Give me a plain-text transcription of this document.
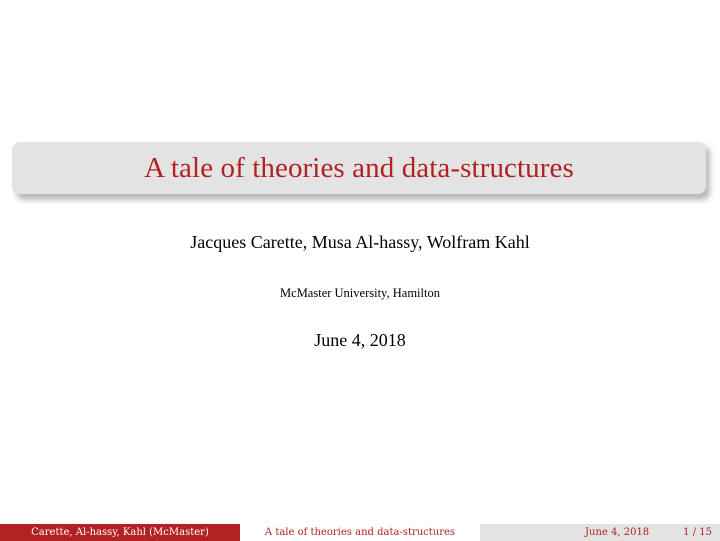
A tale of theories and data-structures
Jacques Carette, Musa Al-hassy, Wolfram Kahl
McMaster University, Hamilton
June 4, 2018
Carette, Al-hassy, Kahl (McMaster)	A tale of theories and data-structures	June 4, 2018	1 / 15
